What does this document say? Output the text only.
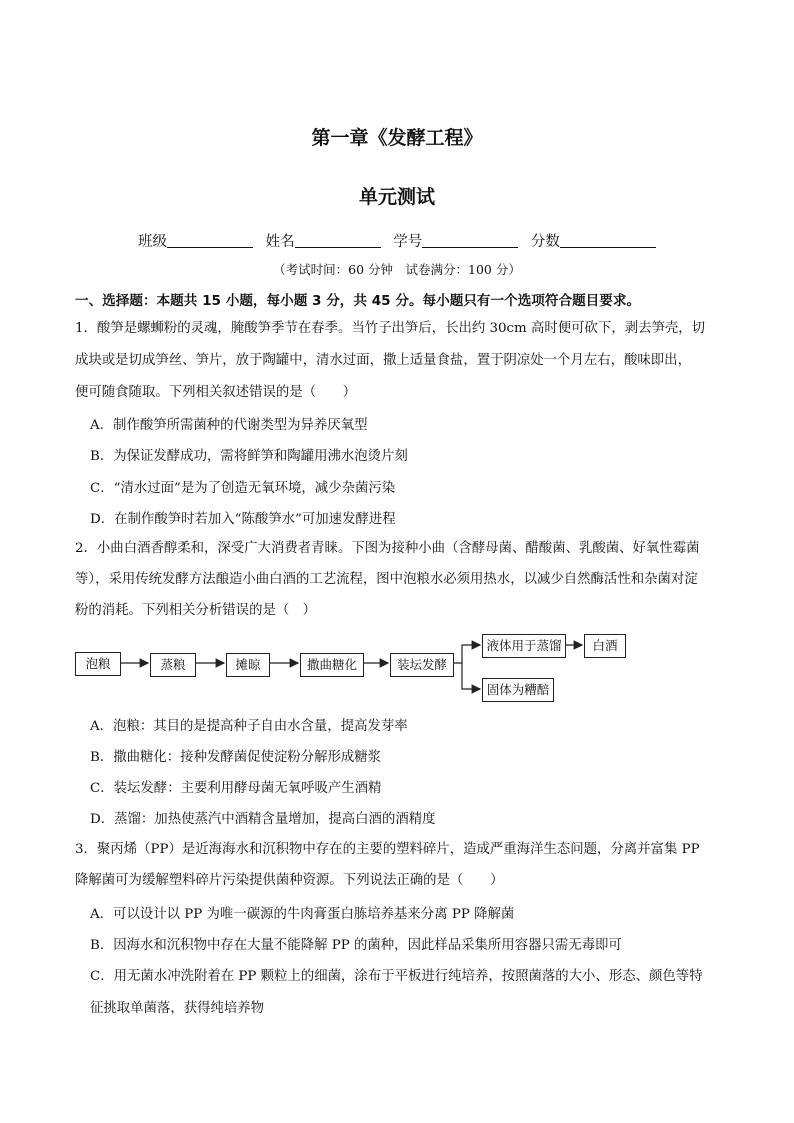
第一章《发酵工程》
单元测试
班级	姓名	学号	分数
（考试时间：60 分钟　试卷满分：100 分）
一、选择题：本题共 15 小题，每小题 3 分，共 45 分。每小题只有一个选项符合题目要求。
1．酸笋是螺蛳粉的灵魂，腌酸笋季节在春季。当竹子出笋后，长出约 30cm 高时便可砍下，剥去笋壳，切
成块或是切成笋丝、笋片，放于陶罐中，清水过面，撒上适量食盐，置于阴凉处一个月左右，酸味即出，
便可随食随取。下列相关叙述错误的是（　　）
A．制作酸笋所需菌种的代谢类型为异养厌氧型
B．为保证发酵成功，需将鲜笋和陶罐用沸水泡烫片刻
C．“清水过面”是为了创造无氧环境，减少杂菌污染
D．在制作酸笋时若加入“陈酸笋水”可加速发酵进程
2．小曲白酒香醇柔和，深受广大消费者青睐。下图为接种小曲（含酵母菌、醋酸菌、乳酸菌、好氧性霉菌
等），采用传统发酵方法酿造小曲白酒的工艺流程，图中泡粮水必须用热水，以减少自然酶活性和杂菌对淀
粉的消耗。下列相关分析错误的是（　）
泡粮	蒸粮	摊晾	撒曲糖化	装坛发酵
液体用于蒸馏	白酒
固体为糟醅
A．泡粮：其目的是提高种子自由水含量，提高发芽率
B．撒曲糖化：接种发酵菌促使淀粉分解形成糖浆
C．装坛发酵：主要利用酵母菌无氧呼吸产生酒精
D．蒸馏：加热使蒸汽中酒精含量增加，提高白酒的酒精度
3．聚丙烯（PP）是近海海水和沉积物中存在的主要的塑料碎片，造成严重海洋生态问题，分离并富集 PP
降解菌可为缓解塑料碎片污染提供菌种资源。下列说法正确的是（　　）
A．可以设计以 PP 为唯一碳源的牛肉膏蛋白胨培养基来分离 PP 降解菌
B．因海水和沉积物中存在大量不能降解 PP 的菌种，因此样品采集所用容器只需无毒即可
C．用无菌水冲洗附着在 PP 颗粒上的细菌，涂布于平板进行纯培养，按照菌落的大小、形态、颜色等特
征挑取单菌落，获得纯培养物
